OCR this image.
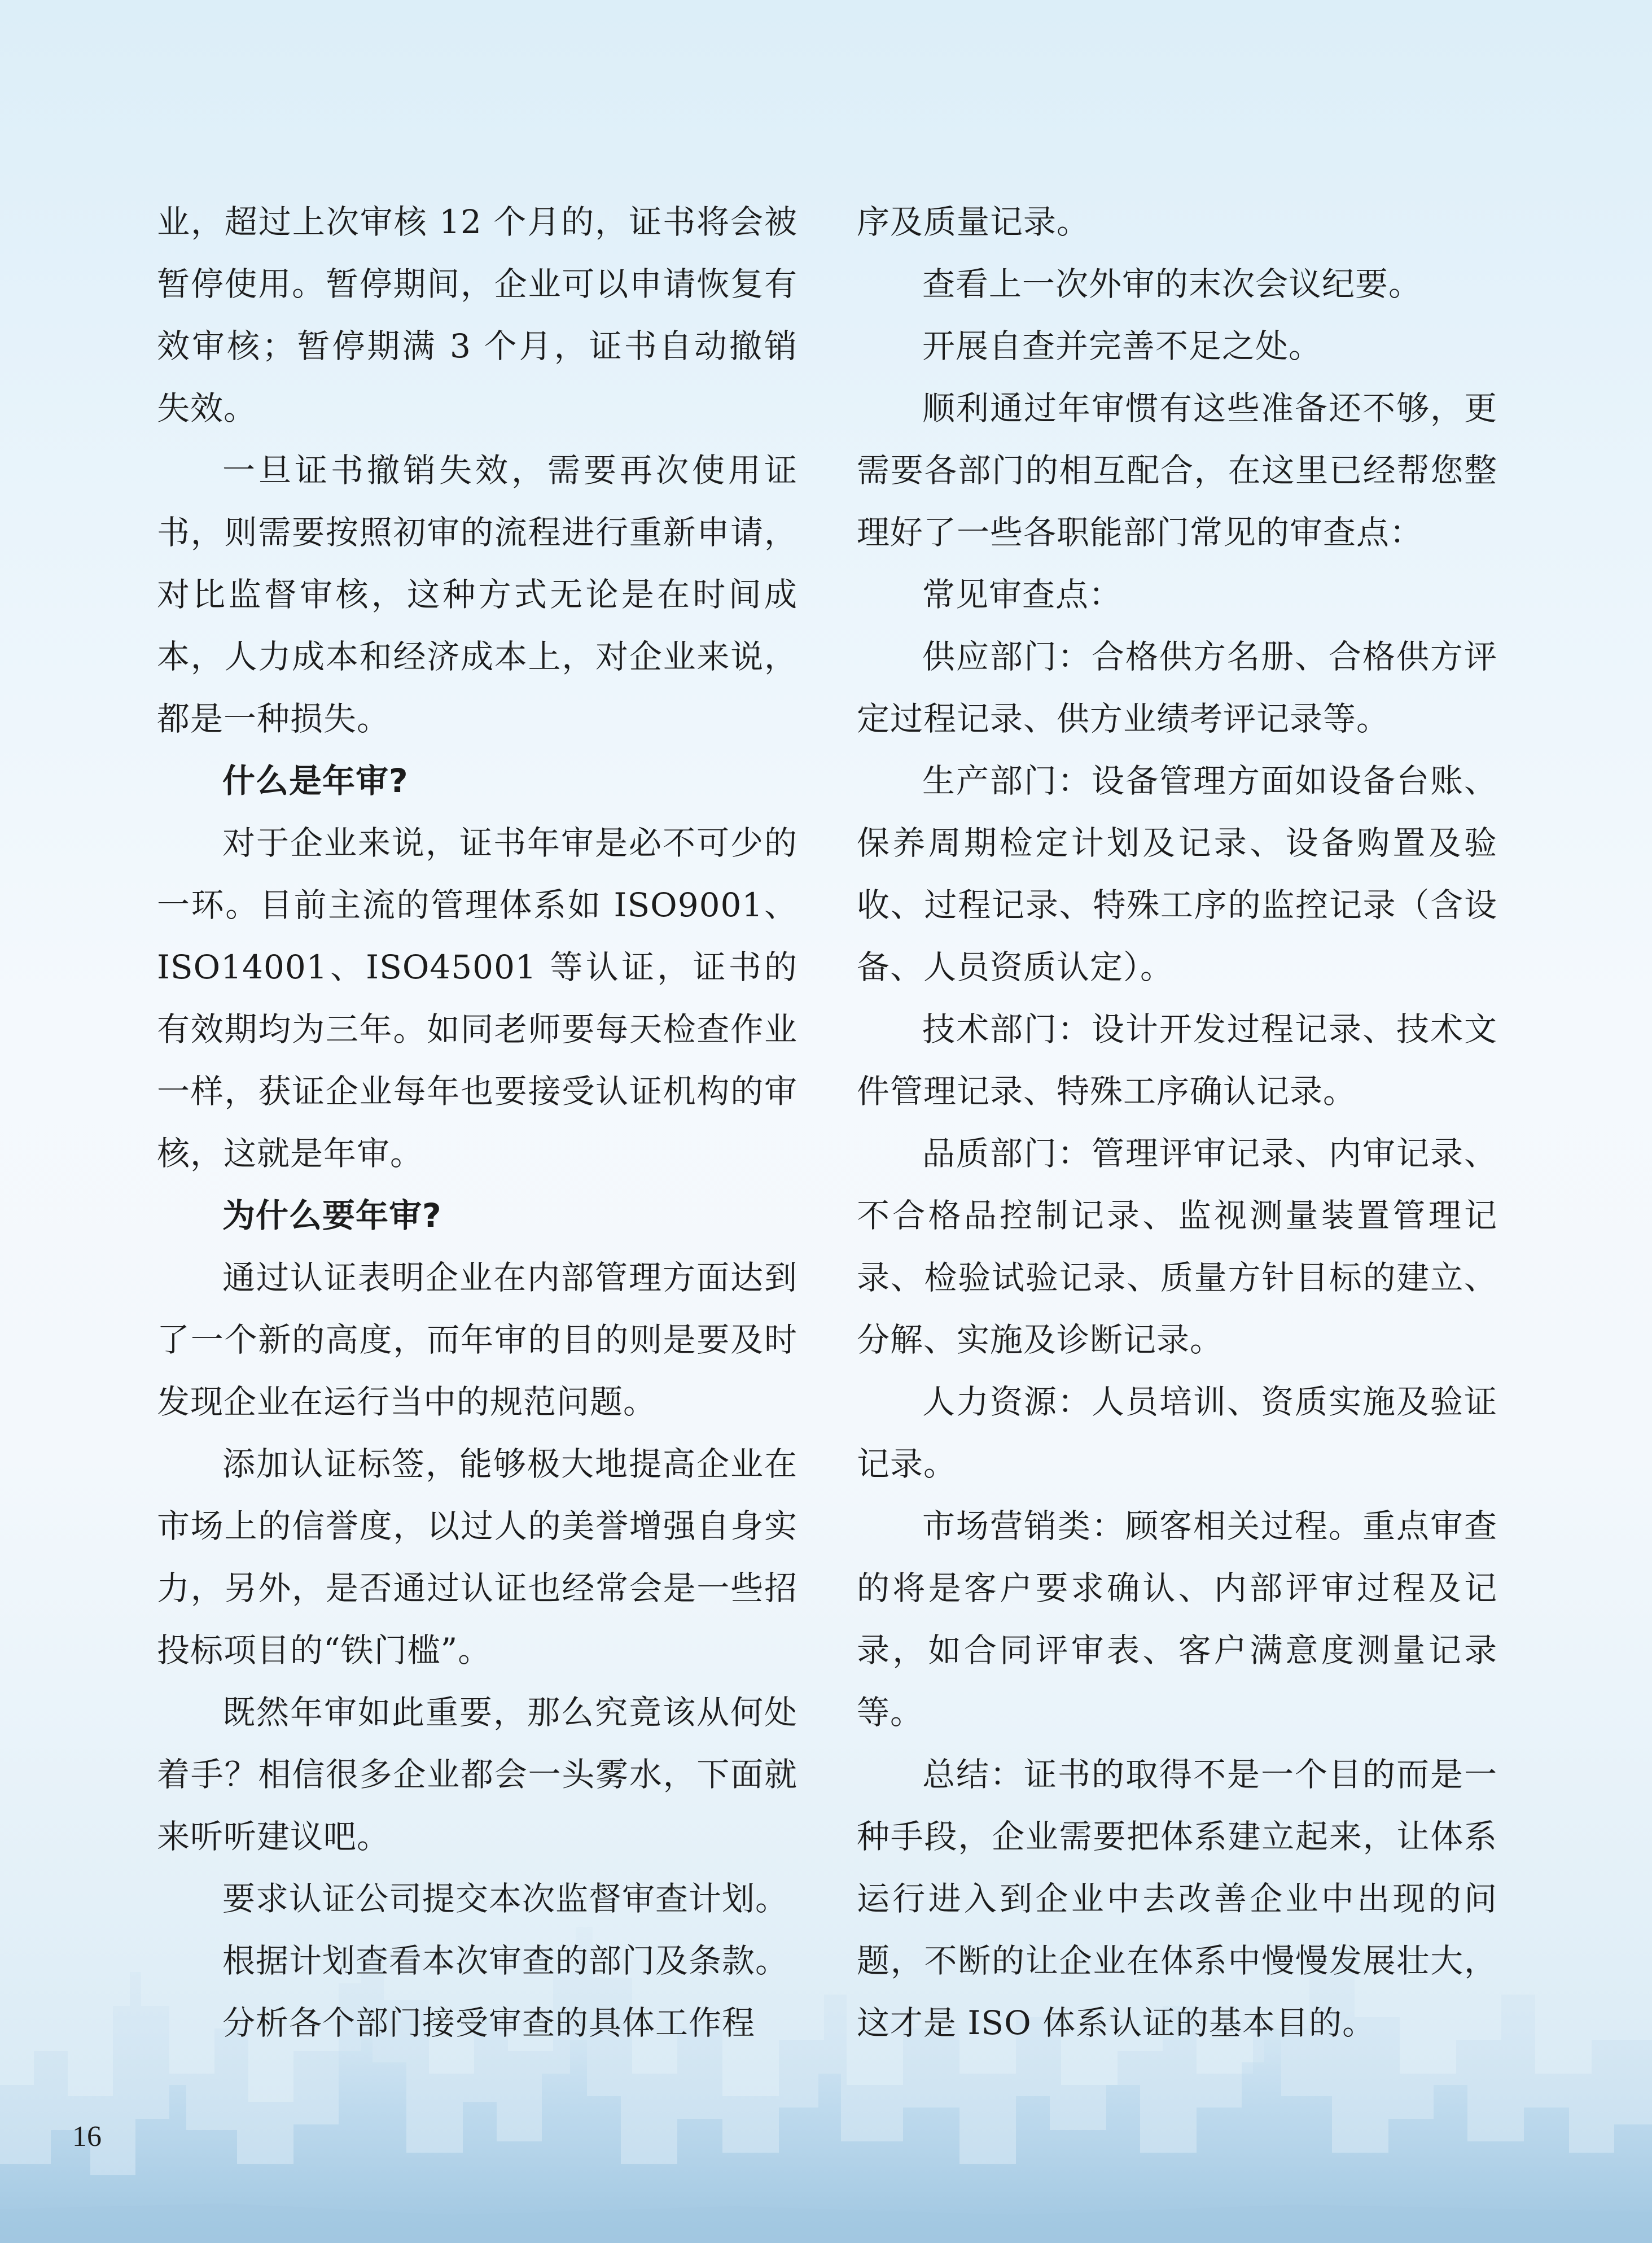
业，超过上次审核 12 个月的，证书将会被暂停使用。暂停期间，企业可以申请恢复有效审核；暂停期满 3 个月，证书自动撤销失效。

一旦证书撤销失效，需要再次使用证书，则需要按照初审的流程进行重新申请，对比监督审核，这种方式无论是在时间成本，人力成本和经济成本上，对企业来说，都是一种损失。

什么是年审?

对于企业来说，证书年审是必不可少的一环。目前主流的管理体系如 ISO9001、ISO14001、ISO45001 等认证，证书的有效期均为三年。如同老师要每天检查作业一样，获证企业每年也要接受认证机构的审核，这就是年审。

为什么要年审?

通过认证表明企业在内部管理方面达到了一个新的高度，而年审的目的则是要及时发现企业在运行当中的规范问题。

添加认证标签，能够极大地提高企业在市场上的信誉度，以过人的美誉增强自身实力，另外，是否通过认证也经常会是一些招投标项目的“铁门槛”。

既然年审如此重要，那么究竟该从何处着手？相信很多企业都会一头雾水，下面就来听听建议吧。

要求认证公司提交本次监督审查计划。

根据计划查看本次审查的部门及条款。

分析各个部门接受审查的具体工作程

序及质量记录。

查看上一次外审的末次会议纪要。

开展自查并完善不足之处。

顺利通过年审惯有这些准备还不够，更需要各部门的相互配合，在这里已经帮您整理好了一些各职能部门常见的审查点：

常见审查点：

供应部门：合格供方名册、合格供方评定过程记录、供方业绩考评记录等。

生产部门：设备管理方面如设备台账、保养周期检定计划及记录、设备购置及验收、过程记录、特殊工序的监控记录（含设备、人员资质认定）。

技术部门：设计开发过程记录、技术文件管理记录、特殊工序确认记录。

品质部门：管理评审记录、内审记录、不合格品控制记录、监视测量装置管理记录、检验试验记录、质量方针目标的建立、分解、实施及诊断记录。

人力资源：人员培训、资质实施及验证记录。

市场营销类：顾客相关过程。重点审查的将是客户要求确认、内部评审过程及记录，如合同评审表、客户满意度测量记录等。

总结：证书的取得不是一个目的而是一种手段，企业需要把体系建立起来，让体系运行进入到企业中去改善企业中出现的问题，不断的让企业在体系中慢慢发展壮大，这才是 ISO 体系认证的基本目的。

16
